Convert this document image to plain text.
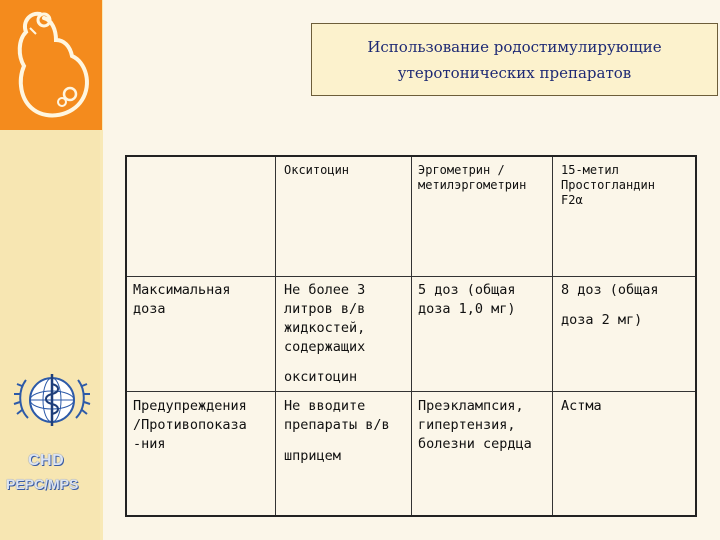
Использование родостимулирующие
утеротонических препаратов
CHD
PEPC/MPS
Окситоцин	Эргометрин /
метилэргометрин
15-метил
Простогландин
F2α
Максимальная
доза
Не более 3
литров в/в
жидкостей,
содержащих
окситоцин
5 доз (общая
доза 1,0 мг)
8 доз (общая
доза 2 мг)
Предупреждения
/Противопоказа
-ния
Не вводите
препараты в/в
шприцем
Преэклампсия,
гипертензия,
болезни сердца
Астма
